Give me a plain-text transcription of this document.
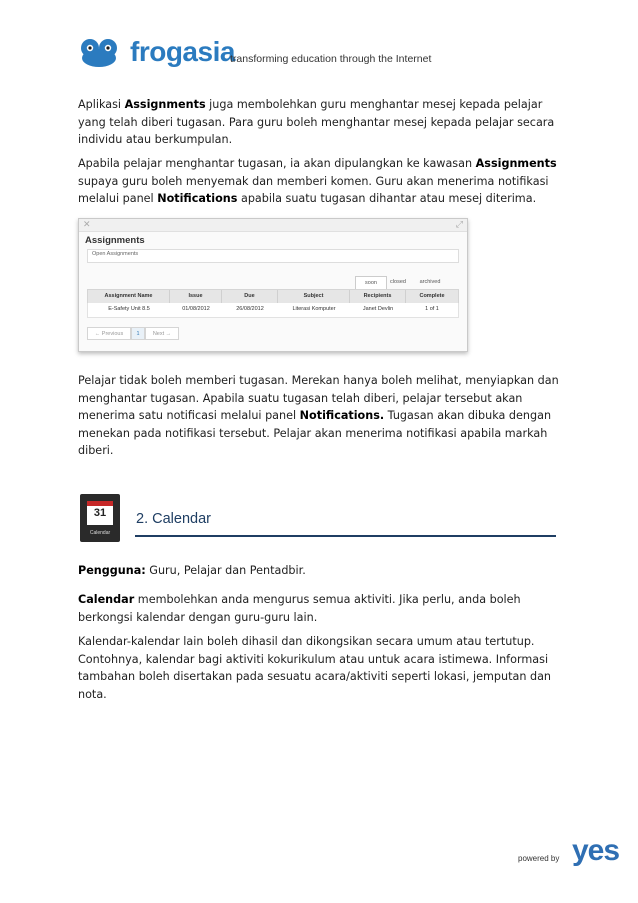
frogasia
transforming education through the Internet
Aplikasi Assignments juga membolehkan guru menghantar mesej kepada pelajar yang telah diberi tugasan. Para guru boleh menghantar mesej kepada pelajar secara individu atau berkumpulan.
Apabila pelajar menghantar tugasan, ia akan dipulangkan ke kawasan Assignments supaya guru boleh menyemak dan memberi komen. Guru akan menerima notifikasi melalui panel Notifications apabila suatu tugasan dihantar atau mesej diterima.
✕	⤢
Assignments
Open Assignments
soon	closed	archived
Assignment Name	Issue	Due	Subject	Recipients	Complete
E-Safety Unit 8.5	01/08/2012	26/08/2012	Literasi Komputer	Janet Devlin	1 of 1
← Previous	1	Next →
Pelajar tidak boleh memberi tugasan. Merekan hanya boleh melihat, menyiapkan dan menghantar tugasan. Apabila suatu tugasan telah diberi, pelajar tersebut akan menerima satu notificasi melalui panel Notifications. Tugasan akan dibuka dengan menekan pada notifikasi tersebut. Pelajar akan menerima notifikasi apabila markah diberi.
31
Calendar
2. Calendar
Pengguna: Guru, Pelajar dan Pentadbir.
Calendar membolehkan anda mengurus semua aktiviti. Jika perlu, anda boleh berkongsi kalendar dengan guru-guru lain.
Kalendar-kalendar lain boleh dihasil dan dikongsikan secara umum atau tertutup. Contohnya, kalendar bagi aktiviti kokurikulum atau untuk acara istimewa. Informasi tambahan boleh disertakan pada sesuatu acara/aktiviti seperti lokasi, jemputan dan nota.
powered by yes
